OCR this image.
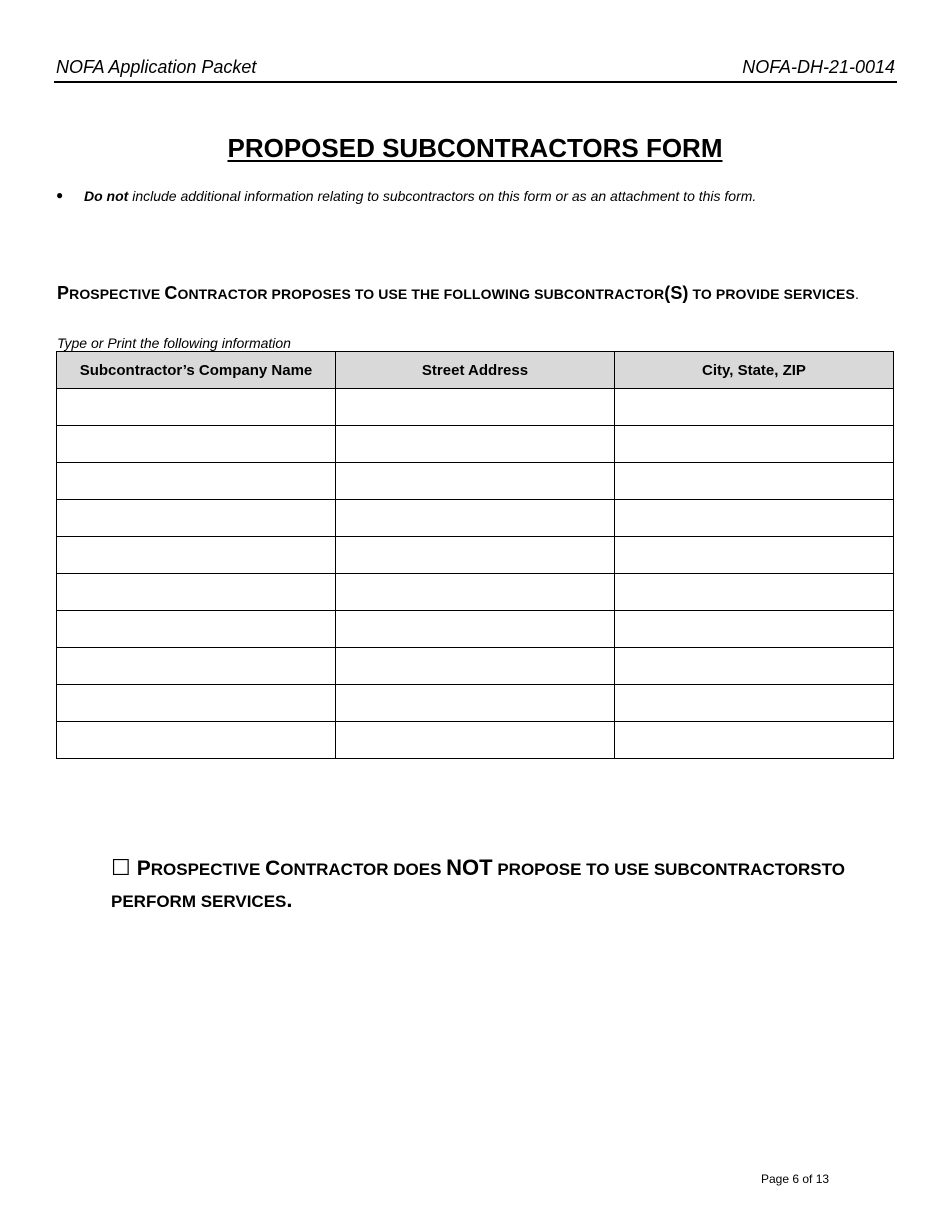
NOFA Application Packet	NOFA-DH-21-0014
PROPOSED SUBCONTRACTORS FORM
● Do not include additional information relating to subcontractors on this form or as an attachment to this form.
PROSPECTIVE CONTRACTOR PROPOSES TO USE THE FOLLOWING SUBCONTRACTOR(S) TO PROVIDE SERVICES.
Type or Print the following information
Subcontractor’s Company Name	Street Address	City, State, ZIP

☐ PROSPECTIVE CONTRACTOR DOES NOT PROPOSE TO USE SUBCONTRACTORSTO PERFORM SERVICES.
Page 6 of 13
